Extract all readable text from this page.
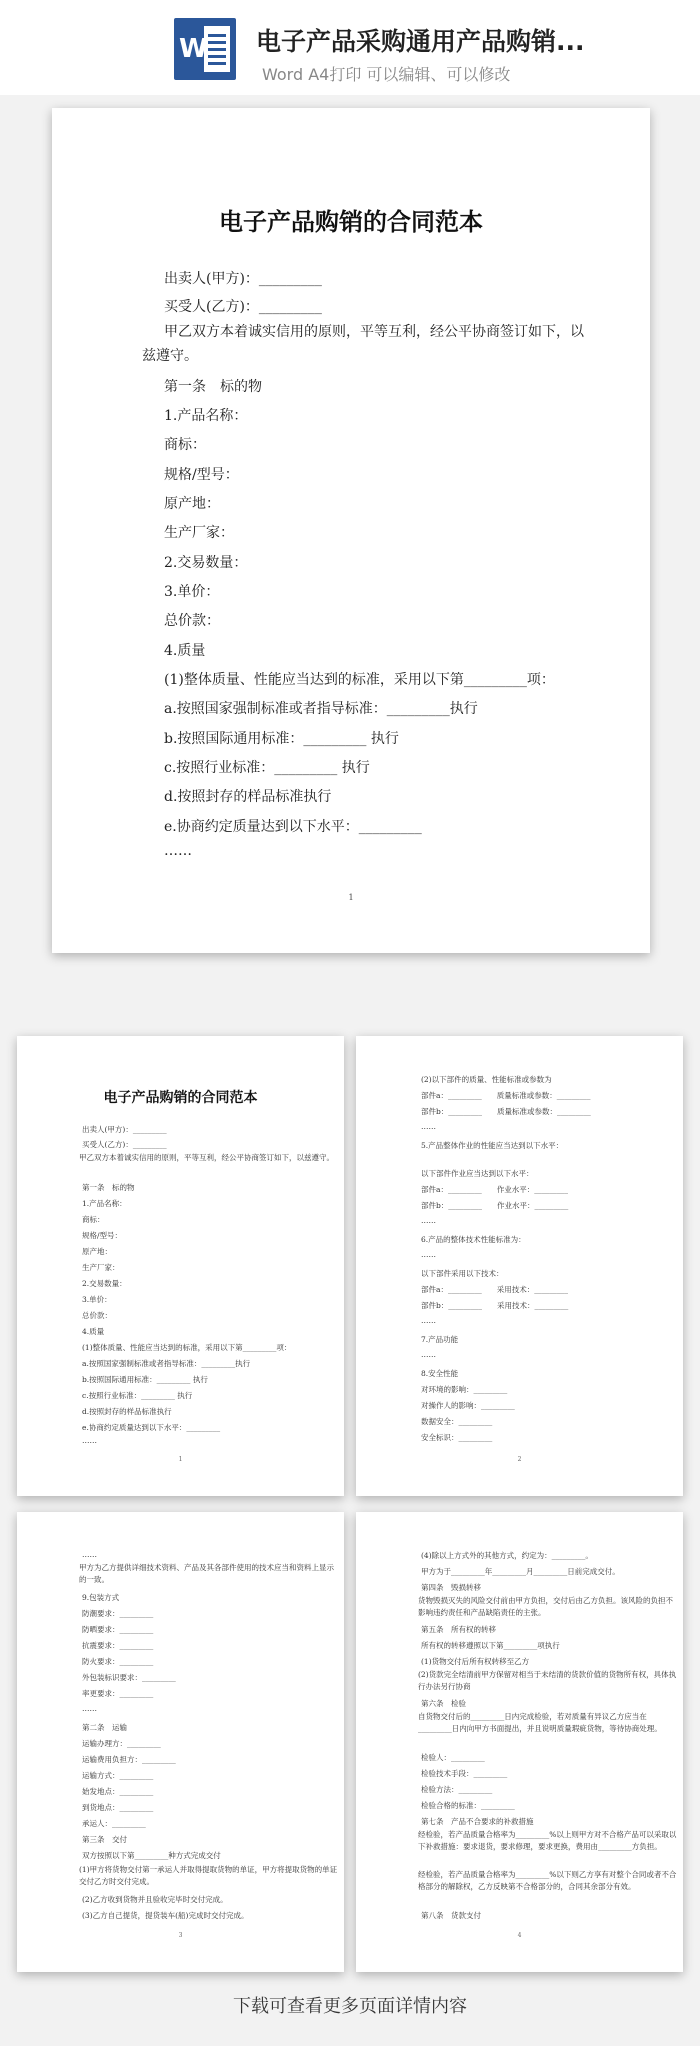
W 电子产品采购通用产品购销...
Word A4打印 可以编辑、可以修改
电子产品购销的合同范本
出卖人(甲方)：_________
买受人(乙方)：_________
甲乙双方本着诚实信用的原则，平等互利，经公平协商签订如下，以兹遵守。
第一条　标的物
1.产品名称：
商标：
规格/型号：
原产地：
生产厂家：
2.交易数量：
3.单价：
总价款：
4.质量
(1)整体质量、性能应当达到的标准，采用以下第_________项：
a.按照国家强制标准或者指导标准：_________执行
b.按照国际通用标准：_________ 执行
c.按照行业标准：_________ 执行
d.按照封存的样品标准执行
e.协商约定质量达到以下水平：_________
……
1
电子产品购销的合同范本
出卖人(甲方)：_________
买受人(乙方)：_________
甲乙双方本着诚实信用的原则，平等互利，经公平协商签订如下，以兹遵守。
第一条　标的物
1.产品名称：
商标：
规格/型号：
原产地：
生产厂家：
2.交易数量：
3.单价：
总价款：
4.质量
(1)整体质量、性能应当达到的标准，采用以下第_________项：
a.按照国家强制标准或者指导标准：_________执行
b.按照国际通用标准：_________ 执行
c.按照行业标准：_________ 执行
d.按照封存的样品标准执行
e.协商约定质量达到以下水平：_________
……
1
(2)以下部件的质量、性能标准或参数为
部件a：_________　　质量标准或参数：_________
部件b：_________　　质量标准或参数：_________
……
5.产品整体作业的性能应当达到以下水平：
以下部件作业应当达到以下水平：
部件a：_________　　作业水平：_________
部件b：_________　　作业水平：_________
……
6.产品的整体技术性能标准为：
……
以下部件采用以下技术：
部件a：_________　　采用技术：_________
部件b：_________　　采用技术：_________
……
7.产品功能
……
8.安全性能
对环境的影响：_________
对操作人的影响：_________
数据安全：_________
安全标识：_________
2
……
甲方为乙方提供详细技术资料、产品及其各部件使用的技术应当和资料上显示的一致。
9.包装方式
防潮要求：_________
防晒要求：_________
抗震要求：_________
防火要求：_________
外包装标识要求：_________
率更要求：_________
……
第二条　运输
运输办理方：_________
运输费用负担方：_________
运输方式：_________
始发地点：_________
到货地点：_________
承运人：_________
第三条　交付
双方按照以下第_________种方式完成交付
(1)甲方将货物交付第一承运人并取得提取货物的单证，甲方将提取货物的单证交付乙方时交付完成。
(2)乙方收到货物并且验收完毕时交付完成。
(3)乙方自己提货，提货装车(船)完成时交付完成。
3
(4)除以上方式外的其他方式，约定为：_________。
甲方为于_________年_________月_________日前完成交付。
第四条　毁损转移
货物毁损灭失的风险交付前由甲方负担，交付后由乙方负担。该风险的负担不影响违约责任和产品缺陷责任的主张。
第五条　所有权的转移
所有权的转移遵照以下第_________项执行
(1)货物交付后所有权转移至乙方
(2)货款完全结清前甲方保留对相当于未结清的货款价值的货物所有权，具体执行办法另行协商
第六条　检验
自货物交付后的_________日内完成检验，若对质量有异议乙方应当在_________日内向甲方书面提出，并且说明质量瑕疵货物，等待协商处理。
检验人：_________
检验技术手段：_________
检验方法：_________
检验合格的标准：_________
第七条　产品不合要求的补救措施
经检验，若产品质量合格率为_________%以上则甲方对不合格产品可以采取以下补救措施：要求退货，要求修理，要求更换，费用由_________方负担。
经检验，若产品质量合格率为_________%以下则乙方享有对整个合同或者不合格部分的解除权，乙方反映第不合格部分的，合同其余部分有效。
第八条　货款支付
4
下载可查看更多页面详情内容
